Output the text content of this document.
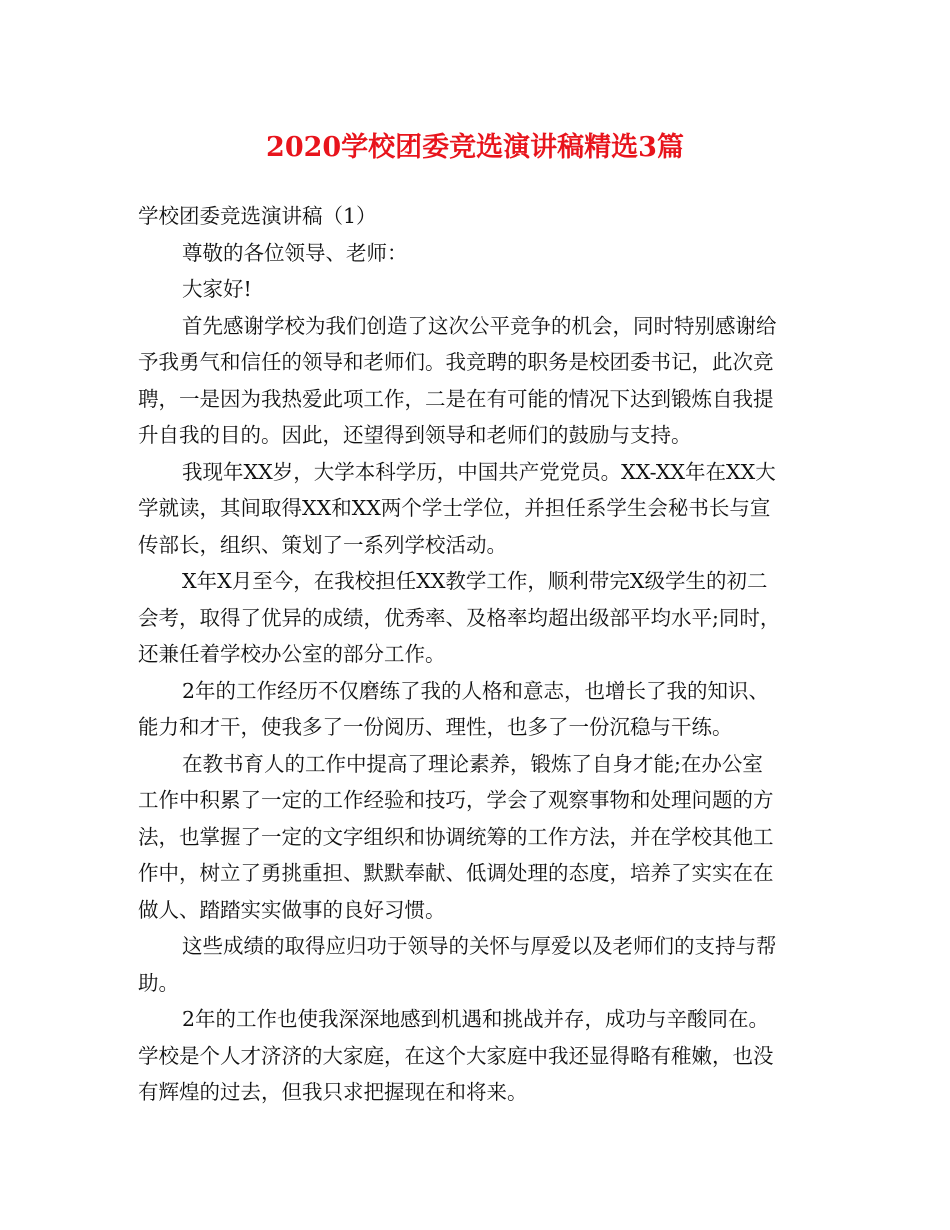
2020学校团委竞选演讲稿精选3篇

学校团委竞选演讲稿（1）

尊敬的各位领导、老师：

大家好!

首先感谢学校为我们创造了这次公平竞争的机会，同时特别感谢给

予我勇气和信任的领导和老师们。我竞聘的职务是校团委书记，此次竞

聘，一是因为我热爱此项工作，二是在有可能的情况下达到锻炼自我提

升自我的目的。因此，还望得到领导和老师们的鼓励与支持。

我现年XX岁，大学本科学历，中国共产党党员。XX-XX年在XX大

学就读，其间取得XX和XX两个学士学位，并担任系学生会秘书长与宣

传部长，组织、策划了一系列学校活动。

X年X月至今，在我校担任XX教学工作，顺利带完X级学生的初二

会考，取得了优异的成绩，优秀率、及格率均超出级部平均水平;同时，

还兼任着学校办公室的部分工作。

2年的工作经历不仅磨练了我的人格和意志，也增长了我的知识、

能力和才干，使我多了一份阅历、理性，也多了一份沉稳与干练。

在教书育人的工作中提高了理论素养，锻炼了自身才能;在办公室

工作中积累了一定的工作经验和技巧，学会了观察事物和处理问题的方

法，也掌握了一定的文字组织和协调统筹的工作方法，并在学校其他工

作中，树立了勇挑重担、默默奉献、低调处理的态度，培养了实实在在

做人、踏踏实实做事的良好习惯。

这些成绩的取得应归功于领导的关怀与厚爱以及老师们的支持与帮

助。

2年的工作也使我深深地感到机遇和挑战并存，成功与辛酸同在。

学校是个人才济济的大家庭，在这个大家庭中我还显得略有稚嫩，也没

有辉煌的过去，但我只求把握现在和将来。
